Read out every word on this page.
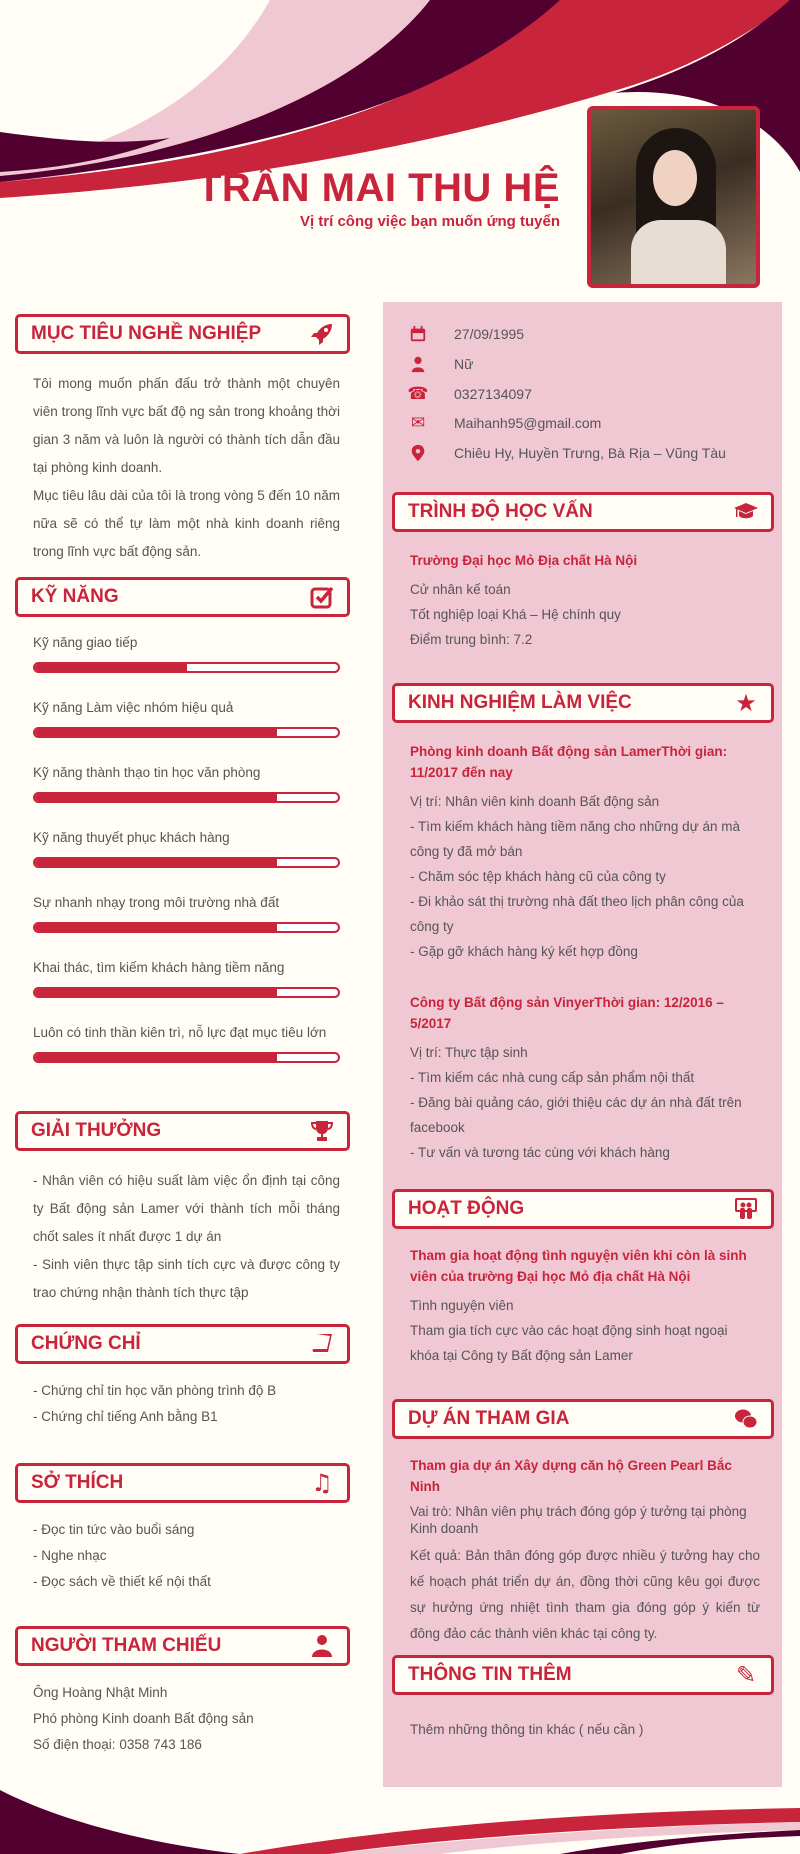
TRẦN MAI THU HỆ
Vị trí công việc bạn muốn ứng tuyển
27/09/1995
Nữ
☎ 0327134097
✉ Maihanh95@gmail.com
Chiêu Hy, Huyền Trưng, Bà Rịa – Vũng Tàu
MỤC TIÊU NGHỀ NGHIỆP

Tôi mong muốn phấn đấu trở thành một chuyên viên trong lĩnh vực bất độ ng sản trong khoảng thời gian 3 năm và luôn là người có thành tích dẫn đầu tại phòng kinh doanh.

Mục tiêu lâu dài của tôi là trong vòng 5 đến 10 năm nữa sẽ có thể tự làm một nhà kinh doanh riêng trong lĩnh vực bất động sản.

KỸ NĂNG
Kỹ năng giao tiếp
Kỹ năng Làm việc nhóm hiệu quả
Kỹ năng thành thạo tin học văn phòng
Kỹ năng thuyết phục khách hàng
Sự nhanh nhạy trong môi trường nhà đất
Khai thác, tìm kiếm khách hàng tiềm năng
Luôn có tinh thần kiên trì, nỗ lực đạt mục tiêu lớn
GIẢI THƯỞNG

- Nhân viên có hiệu suất làm việc ổn định tại công ty Bất động sản Lamer với thành tích mỗi tháng chốt sales ít nhất được 1 dự án

- Sinh viên thực tập sinh tích cực và được công ty trao chứng nhận thành tích thực tập

CHỨNG CHỈ

- Chứng chỉ tin học văn phòng trình độ B

- Chứng chỉ tiếng Anh bằng B1

SỞ THÍCH	♫

- Đọc tin tức vào buổi sáng

- Nghe nhạc

- Đọc sách về thiết kế nội thất

NGƯỜI THAM CHIẾU

Ông Hoàng Nhật Minh

Phó phòng Kinh doanh Bất động sản

Số điện thoại: 0358 743 186

TRÌNH ĐỘ HỌC VẤN

Trường Đại học Mỏ Địa chất Hà Nội

Cử nhân kế toán

Tốt nghiệp loại Khá – Hệ chính quy

Điểm trung bình: 7.2

KINH NGHIỆM LÀM VIỆC	★

Phòng kinh doanh Bất động sản LamerThời gian: 11/2017 đến nay

Vị trí: Nhân viên kinh doanh Bất động sản

- Tìm kiếm khách hàng tiềm năng cho những dự án mà công ty đã mở bán

- Chăm sóc tệp khách hàng cũ của công ty

- Đi khảo sát thị trường nhà đất theo lịch phân công của công ty

- Gặp gỡ khách hàng ký kết hợp đồng

Công ty Bất động sản VinyerThời gian: 12/2016 – 5/2017

Vị trí: Thực tập sinh

- Tìm kiếm các nhà cung cấp sản phẩm nội thất

- Đăng bài quảng cáo, giới thiệu các dự án nhà đất trên facebook

- Tư vấn và tương tác cùng với khách hàng

HOẠT ĐỘNG

Tham gia hoạt động tình nguyện viên khi còn là sinh viên của trường Đại học Mỏ địa chất Hà Nội

Tình nguyện viên

Tham gia tích cực vào các hoạt động sinh hoạt ngoại khóa tại Công ty Bất động sản Lamer

DỰ ÁN THAM GIA

Tham gia dự án Xây dựng căn hộ Green Pearl Bắc Ninh

Vai trò: Nhân viên phụ trách đóng góp ý tưởng tại phòng Kinh doanh

Kết quả: Bản thân đóng góp được nhiều ý tưởng hay cho kế hoạch phát triển dự án, đồng thời cũng kêu gọi được sự hưởng ứng nhiệt tình tham gia đóng góp ý kiến từ đông đảo các thành viên khác tại công ty.

THÔNG TIN THÊM	✎

Thêm những thông tin khác ( nếu cần )
